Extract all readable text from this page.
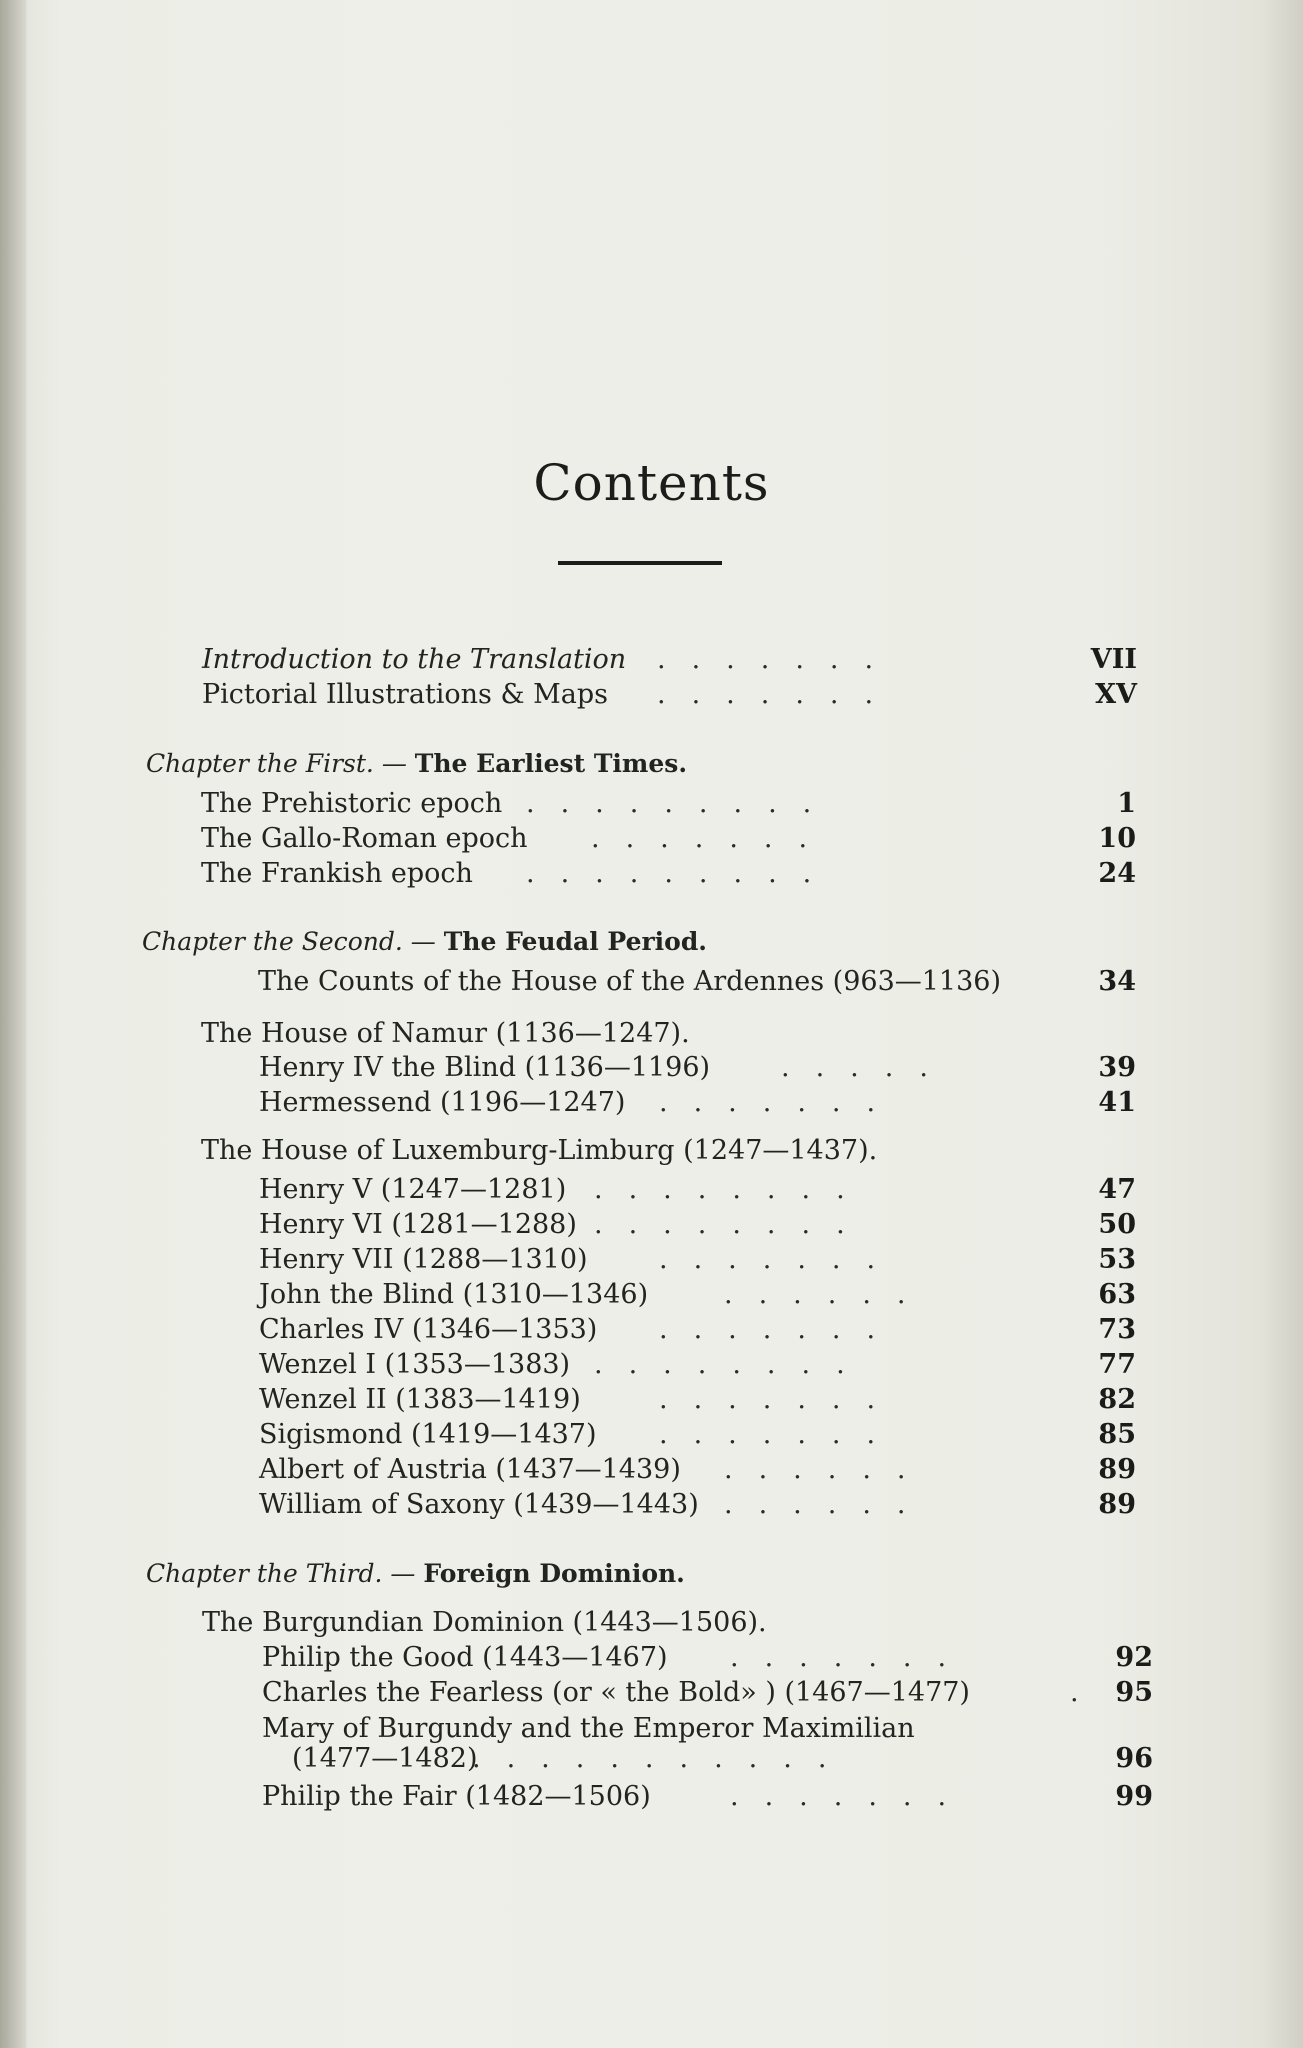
Contents
Introduction to the Translation .......	VII
Pictorial Illustrations & Maps .......	XV
Chapter the First. — The Earliest Times.
The Prehistoric epoch .........	1
The Gallo-Roman epoch .......	10
The Frankish epoch .........	24
Chapter the Second. — The Feudal Period.
The Counts of the House of the Ardennes (963—1136)	34
The House of Namur (1136—1247).
Henry IV the Blind (1136—1196)	.....	39
Hermessend (1196—1247) .......	41
The House of Luxemburg-Limburg (1247—1437).
Henry V (1247—1281) ........	47
Henry VI (1281—1288) ........	50
Henry VII (1288—1310)	.......	53
John the Blind (1310—1346)	......	63
Charles IV (1346—1353) .......	73
Wenzel I (1353—1383) ........	77
Wenzel II (1383—1419)	.......	82
Sigismond (1419—1437) .......	85
Albert of Austria (1437—1439) ......	89
William of Saxony (1439—1443) ......	89
Chapter the Third. — Foreign Dominion.
The Burgundian Dominion (1443—1506).
Philip the Good (1443—1467) .......	92
Charles the Fearless (or « the Bold» ) (1467—1477)	. 95
Mary of Burgundy and the Emperor Maximilian
(1477—1482)
...........	96
Philip the Fair (1482—1506)	.......	99
